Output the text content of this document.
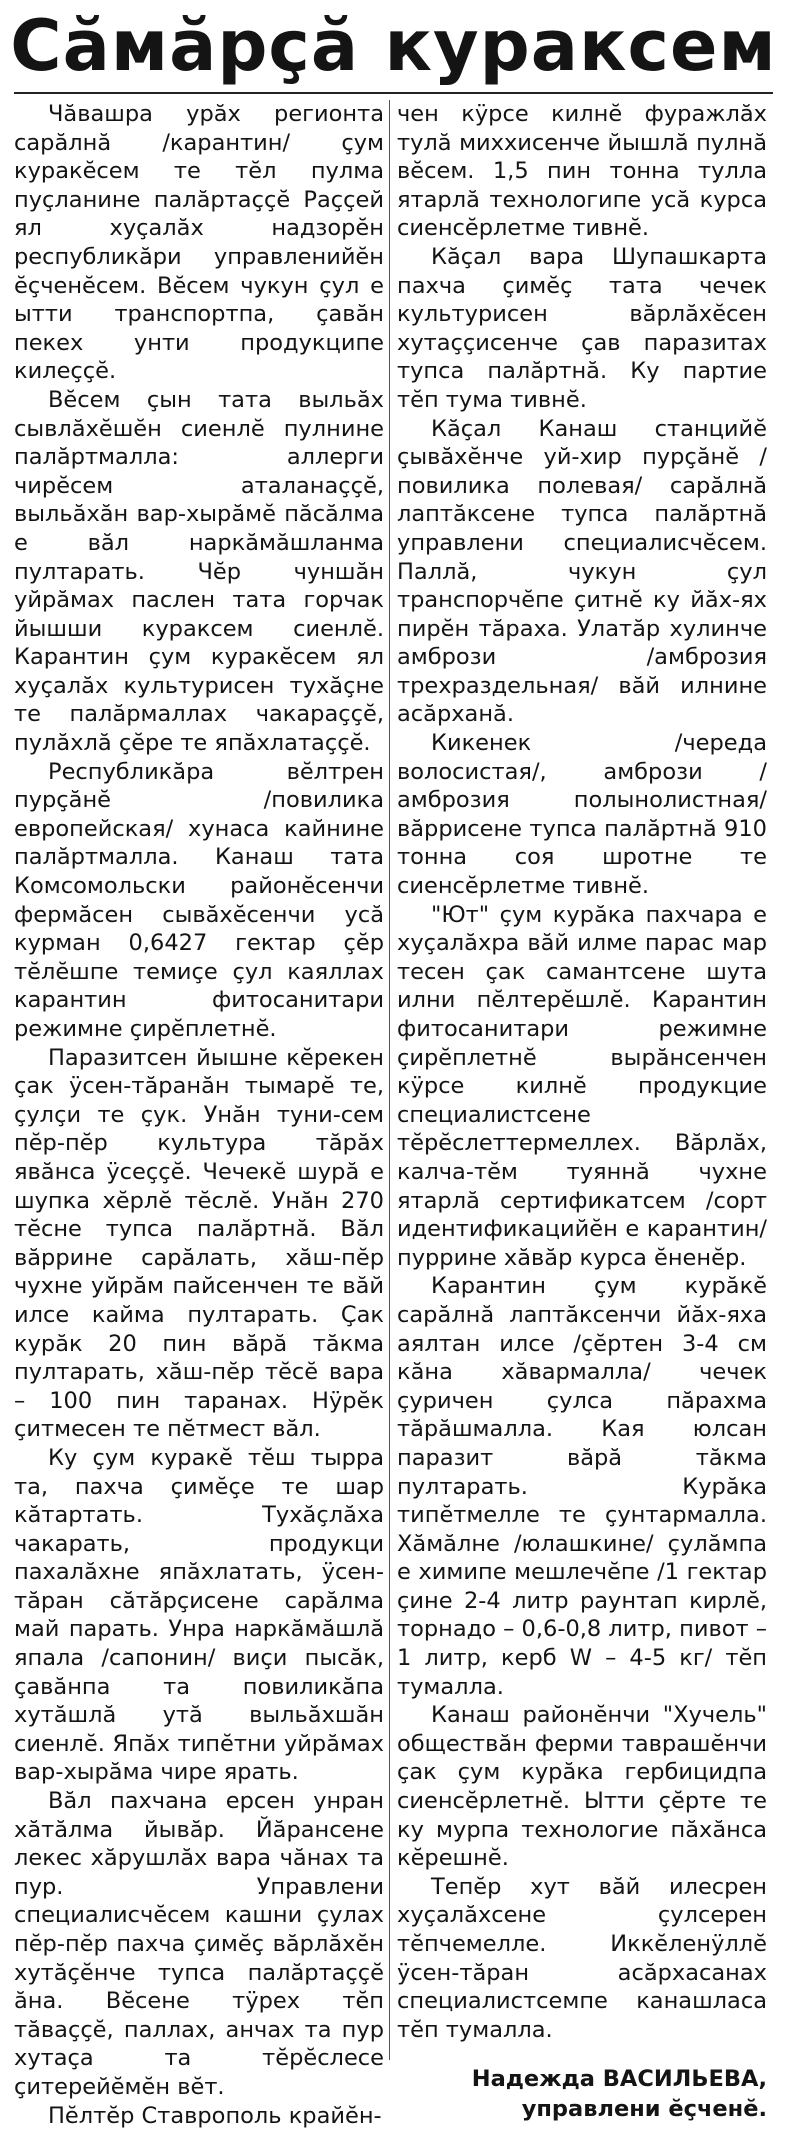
Сăмăрçă куракcем

Чăвашра урăх регионта сарăлнă /карантин/ çум куракĕсем те тĕл пулма пуçланине палăртаççĕ Раççей ял хуçалăх надзорĕн республикăри управленийĕн ĕçченĕсем. Вĕсем чукун çул е ытти транспортпа, çавăн пекех унти продукципе килеççĕ.

Вĕсем çын тата выльăх сывлăхĕшĕн сиенлĕ пулнине палăртмалла: аллерги чирĕсем аталанаççĕ, выльăхăн вар-хырăмĕ пăсăлма е вăл наркăмăшланма пултарать. Чĕр чуншăн уйрăмах паслен тата горчак йышши куракcем сиенлĕ. Карантин çум куракĕсем ял хуçалăх культурисен тухăçне те палăрмаллах чакараççĕ, пулăхлă çĕре те япăхлатаççĕ.

Республикăра вĕлтрен пурçăнĕ /повилика европейская/ хунаса кайнине палăртмалла. Канаш тата Комсомольски районĕсенчи фермăсен сывăхĕсенчи усă курман 0,6427 гектар çĕр тĕлĕшпе темиçе çул каяллах карантин фитосанитари режимне çирĕплетнĕ.

Паразитсен йышне кĕрекен çак ÿсен-тăранăн тымарĕ те, çулçи те çук. Унăн туни-сем пĕр-пĕр культура тăрăх явăнса ÿсеççĕ. Чечекĕ шурă е шупка хĕрлĕ тĕслĕ. Унăн 270 тĕсне тупса палăртнă. Вăл вăррине сарăлать, хăш-пĕр чухне уйрăм пайсенчен те вăй илсе кайма пултарать. Çак курăк 20 пин вăрă тăкма пултарать, хăш-пĕр тĕсĕ вара – 100 пин таранах. Нÿрĕк çитмесен те пĕтмест вăл.

Ку çум куракĕ тĕш тырра та, пахча çимĕçе те шар кăтартать. Тухăçлăха чакарать, продукци пахалăхне япăхлатать, ÿсен-тăран сăтăрçисене сарăлма май парать. Унра наркăмăшлă япала /сапонин/ виçи пысăк, çавăнпа та повиликăпа хутăшлă утă выльăхшăн сиенлĕ. Япăх типĕтни уйрăмах вар-хырăма чире ярать.

Вăл пахчана ерсен унран хăтăлма йывăр. Йăрансене лекес хăрушлăх вара чăнах та пур. Управлени специалисчĕсем кашни çулах пĕр-пĕр пахча çимĕç вăрлăхĕн хутăçĕнче тупса палăртаççĕ ăна. Вĕсене тÿрех тĕп тăваççĕ, паллах, анчах та пур хутаçа та тĕрĕслесе çитерейĕмĕн вĕт.

Пĕлтĕр Ставрополь крайĕн-

чен кÿрсе килнĕ фуражлăх тулă миххисенче йышлă пулнă вĕсем. 1,5 пин тонна тулла ятарлă технологипе усă курса сиенсĕрлетме тивнĕ.

Кăçал вара Шупашкарта пахча çимĕç тата чечек культурисен вăрлăхĕсен хутаççисенче çав паразитах тупса палăртнă. Ку партие тĕп тума тивнĕ.

Кăçал Канаш станцийĕ çывăхĕнче уй-хир пурçăнĕ /повилика полевая/ сарăлнă лаптăксене тупса палăртнă управлени специалисчĕсем. Паллă, чукун çул транспорчĕпе çитнĕ ку йăх-ях пирĕн тăраха. Улатăр хулинче амбрози /амброзия трехраздельная/ вăй илнине асăрханă.

Кикенек /череда волосистая/, амбрози /амброзия полынолистная/ вăррисене тупса палăртнă 910 тонна соя шротне те сиенсĕрлетме тивнĕ.

"Ют" çум курăка пахчара е хуçалăхра вăй илме парас мар тесен çак самантсене шута илни пĕлтерĕшлĕ. Карантин фитосанитари режимне çирĕплетнĕ вырăнсенчен кÿрсе килнĕ продукцие специалистсене тĕрĕслеттермеллех. Вăрлăх, калча-тĕм туяннă чухне ятарлă сертификатсем /сорт идентификацийĕн е карантин/ пуррине хăвăр курса ĕненĕр.

Карантин çум курăкĕ сарăлнă лаптăксенчи йăх-яха аялтан илсе /çĕртен 3-4 см кăна хăвармалла/ чечек çуричен çулса пăрахма тăрăшмалла. Кая юлсан паразит вăрă тăкма пултарать. Курăка типĕтмелле те çунтармалла. Хăмăлне /юлашкине/ çулăмпа е химипе мешлечĕпе /1 гектар çине 2-4 литр раунтап кирлĕ, торнадо – 0,6-0,8 литр, пивот – 1 литр, керб W – 4-5 кг/ тĕп тумалла.

Канаш районĕнчи "Хучель" обществăн ферми таврашĕнчи çак çум курăка гербицидпа сиенсĕрлетнĕ. Ытти çĕрте те ку мурпа технологие пăхăнса кĕрешнĕ.

Тепĕр хут вăй илесрен хуçалăхсене çулсерен тĕпчемелле. Иккĕленÿллĕ ÿсен-тăран асăрхасанах специалистсемпе канашласа тĕп тумалла.

Надежда ВАСИЛЬЕВА,
управлени ĕçченĕ.
